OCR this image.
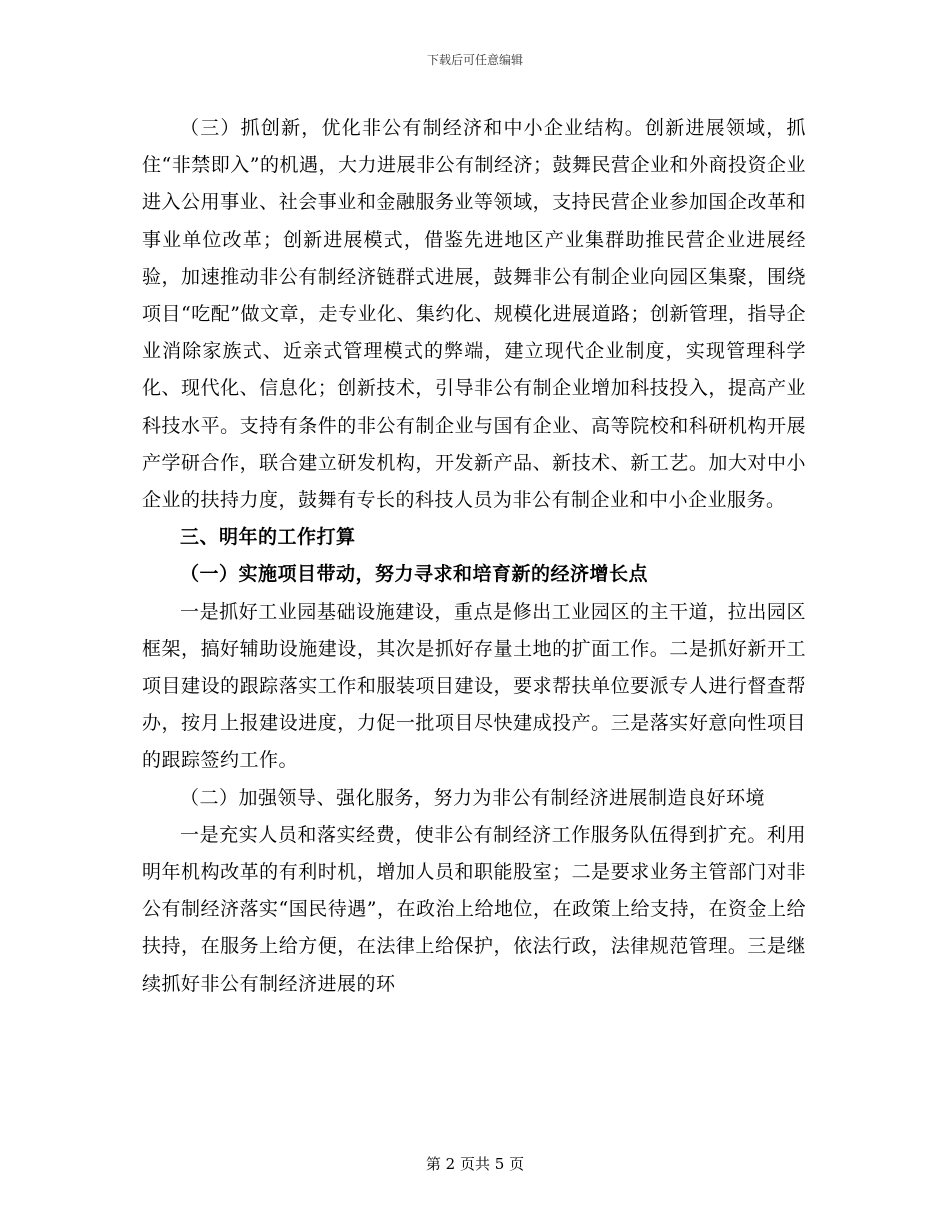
下载后可任意编辑

（三）抓创新，优化非公有制经济和中小企业结构。创新进展领域，抓住“非禁即入”的机遇，大力进展非公有制经济；鼓舞民营企业和外商投资企业进入公用事业、社会事业和金融服务业等领域，支持民营企业参加国企改革和事业单位改革；创新进展模式，借鉴先进地区产业集群助推民营企业进展经验，加速推动非公有制经济链群式进展，鼓舞非公有制企业向园区集聚，围绕项目“吃配”做文章，走专业化、集约化、规模化进展道路；创新管理，指导企业消除家族式、近亲式管理模式的弊端，建立现代企业制度，实现管理科学化、现代化、信息化；创新技术，引导非公有制企业增加科技投入，提高产业科技水平。支持有条件的非公有制企业与国有企业、高等院校和科研机构开展产学研合作，联合建立研发机构，开发新产品、新技术、新工艺。加大对中小企业的扶持力度，鼓舞有专长的科技人员为非公有制企业和中小企业服务。

三、明年的工作打算

（一）实施项目带动，努力寻求和培育新的经济增长点

一是抓好工业园基础设施建设，重点是修出工业园区的主干道，拉出园区框架，搞好辅助设施建设，其次是抓好存量土地的扩面工作。二是抓好新开工项目建设的跟踪落实工作和服装项目建设，要求帮扶单位要派专人进行督查帮办，按月上报建设进度，力促一批项目尽快建成投产。三是落实好意向性项目的跟踪签约工作。

（二）加强领导、强化服务，努力为非公有制经济进展制造良好环境

一是充实人员和落实经费，使非公有制经济工作服务队伍得到扩充。利用明年机构改革的有利时机，增加人员和职能股室；二是要求业务主管部门对非公有制经济落实“国民待遇”，在政治上给地位，在政策上给支持，在资金上给扶持，在服务上给方便，在法律上给保护，依法行政，法律规范管理。三是继续抓好非公有制经济进展的环

第 2 页共 5 页
